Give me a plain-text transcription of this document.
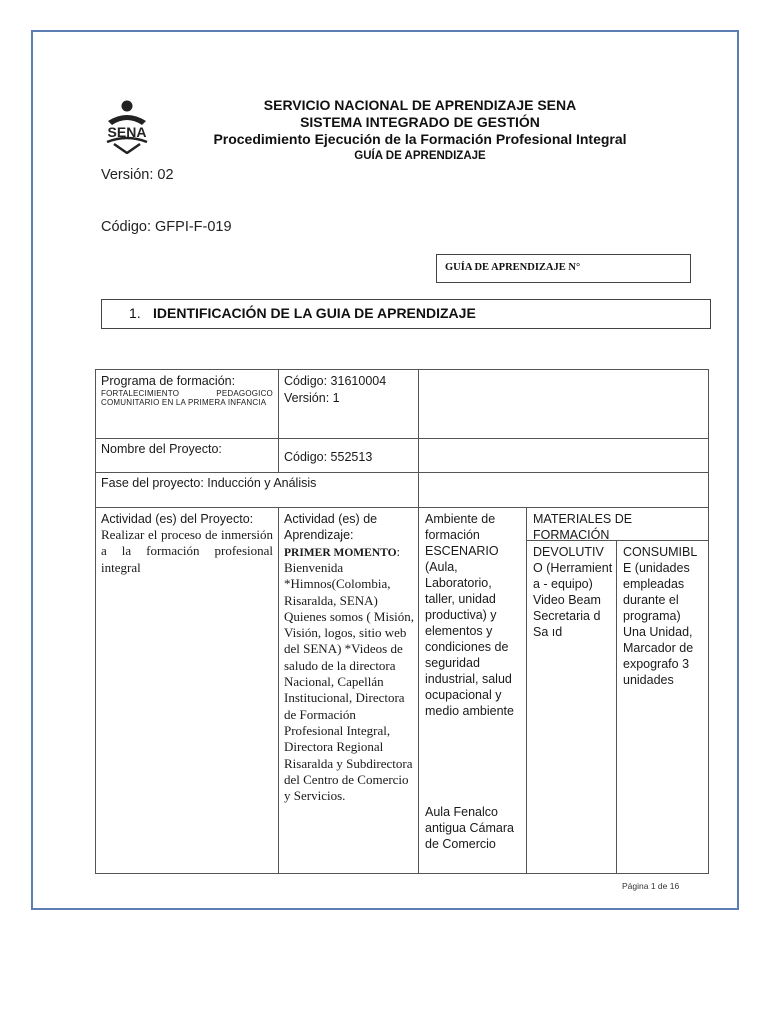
SENA
SERVICIO NACIONAL DE APRENDIZAJE SENA
SISTEMA INTEGRADO DE GESTIÓN
Procedimiento Ejecución de la Formación Profesional Integral
GUÍA DE APRENDIZAJE
Versión: 02
Código: GFPI-F-019
GUÍA DE APRENDIZAJE N°
1. IDENTIFICACIÓN DE LA GUIA DE APRENDIZAJE
Programa de formación:
FORTALECIMIENTO PEDAGOGICO COMUNITARIO EN LA PRIMERA INFANCIA
Código: 31610004
Versión: 1
Nombre del Proyecto:
Código: 552513
Fase del proyecto: Inducción y Análisis
Actividad (es) del Proyecto:
Realizar el proceso de inmersión a la formación profesional integral
Actividad (es) de Aprendizaje:
PRIMER MOMENTO:
Bienvenida *Himnos(Colombia, Risaralda, SENA) Quienes somos ( Misión, Visión, logos, sitio web del SENA) *Videos de saludo de la directora Nacional, Capellán Institucional, Directora de Formación Profesional Integral, Directora Regional Risaralda y Subdirectora del Centro de Comercio y Servicios.
Ambiente de formación ESCENARIO (Aula, Laboratorio, taller, unidad productiva) y elementos y condiciones de seguridad industrial, salud ocupacional y medio ambiente
Aula Fenalco antigua Cámara de Comercio
MATERIALES DE FORMACIÓN
DEVOLUTIV O (Herramient a - equipo) Video Beam Secretaria d Sa ıd
CONSUMIBL E (unidades empleadas durante el programa) Una Unidad, Marcador de expografo 3 unidades
Página 1 de 16
